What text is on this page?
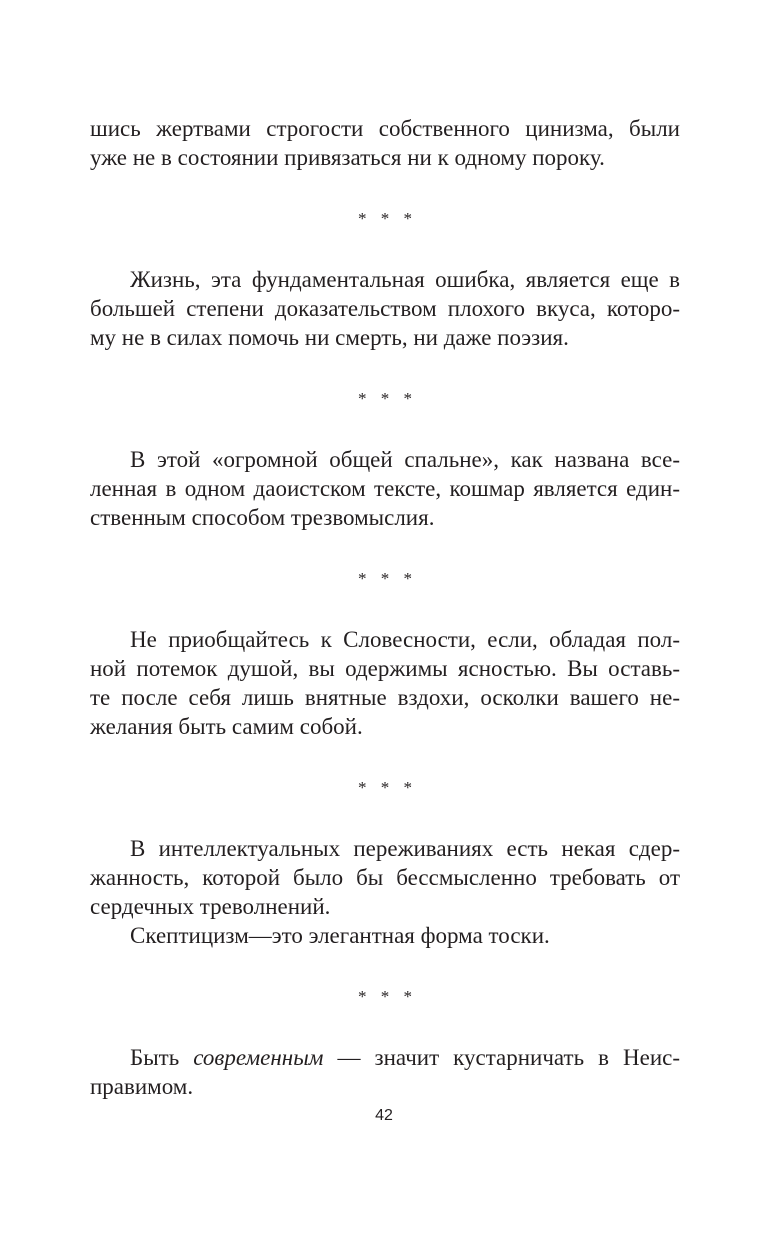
шись жертвами строгости собственного цинизма, были
уже не в состоянии привязаться ни к одному пороку.
* * *
Жизнь, эта фундаментальная ошибка, является еще в
большей степени доказательством плохого вкуса, которо-
му не в силах помочь ни смерть, ни даже поэзия.
* * *
В этой «огромной общей спальне», как названа все-
ленная в одном даоистском тексте, кошмар является един-
ственным способом трезвомыслия.
* * *
Не приобщайтесь к Словесности, если, обладая пол-
ной потемок душой, вы одержимы ясностью. Вы оставь-
те после себя лишь внятные вздохи, осколки вашего не-
желания быть самим собой.
* * *
В интеллектуальных переживаниях есть некая сдер-
жанность, которой было бы бессмысленно требовать от
сердечных треволнений.
Скептицизм—это элегантная форма тоски.
* * *
Быть современным — значит кустарничать в Неис-
правимом.
42
